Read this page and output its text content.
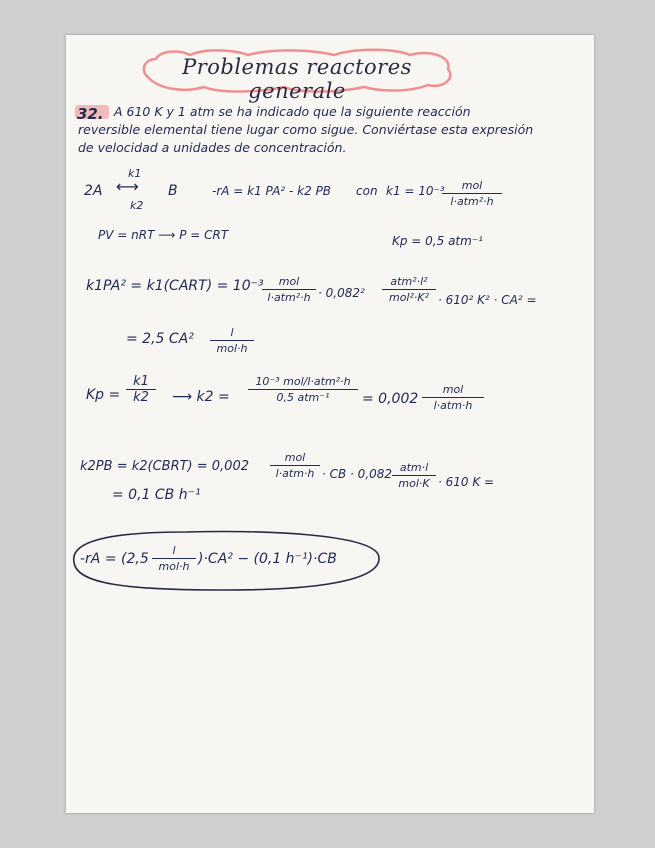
Problemas reactores generale
32. A 610 K y 1 atm se ha indicado que la siguiente reacción
reversible elemental tiene lugar como sigue. Conviértase esta expresión
de velocidad a unidades de concentración.
2A
k1
⟷
k2
B	-rA = k1 PA² - k2 PB con k1 = 10⁻³	mol
l·atm²·h
PV = nRT ⟶ P = CRT	Kp = 0,5 atm⁻¹
k1PA² = k1(CART) = 10⁻³	mol
l·atm²·h · 0,082²
atm²·l²
mol²·K² · 610² K² · CA² =
= 2,5 CA²	l
mol·h
Kp =
k1
k2	⟶ k2 =
10⁻³ mol/l·atm²·h
0,5 atm⁻¹	= 0,002
mol
l·atm·h
k2PB = k2(CBRT) = 0,002
mol
l·atm·h · CB · 0,082 atm·l
mol·K · 610 K =
= 0,1 CB h⁻¹
-rA = (2,5
l
mol·h )·CA² − (0,1 h⁻¹)·CB
